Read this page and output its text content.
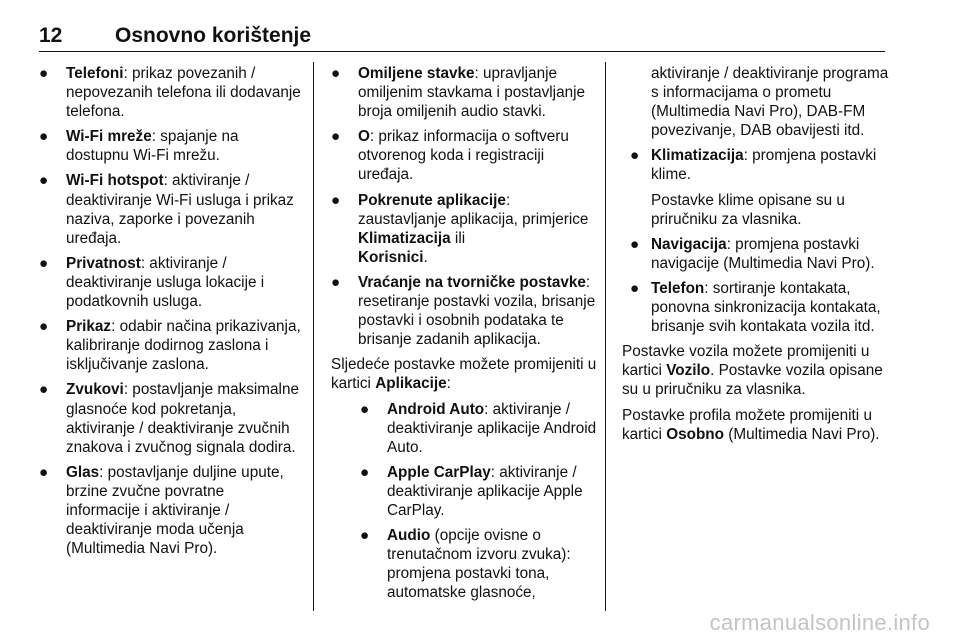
12	Osnovno korištenje
● Telefoni: prikaz povezanih / nepovezanih telefona ili dodavanje telefona.
● Wi-Fi mreže: spajanje na dostupnu Wi-Fi mrežu.
● Wi-Fi hotspot: aktiviranje / deaktiviranje Wi-Fi usluga i prikaz naziva, zaporke i povezanih uređaja.
● Privatnost: aktiviranje / deaktiviranje usluga lokacije i podatkovnih usluga.
● Prikaz: odabir načina prikazivanja, kalibriranje dodirnog zaslona i isključivanje zaslona.
● Zvukovi: postavljanje maksimalne glasnoće kod pokretanja, aktiviranje / deaktiviranje zvučnih znakova i zvučnog signala dodira.
● Glas: postavljanje duljine upute, brzine zvučne povratne informacije i aktiviranje / deaktiviranje moda učenja (Multimedia Navi Pro).
● Omiljene stavke: upravljanje omiljenim stavkama i postavljanje broja omiljenih audio stavki.
● O: prikaz informacija o softveru otvorenog koda i registraciji uređaja.
● Pokrenute aplikacije: zaustavljanje aplikacija, primjerice Klimatizacija ili
Korisnici.
● Vraćanje na tvorničke postavke: resetiranje postavki vozila, brisanje postavki i osobnih podataka te brisanje zadanih aplikacija.
Sljedeće postavke možete promijeniti u kartici Aplikacije:
● Android Auto: aktiviranje / deaktiviranje aplikacije Android Auto.
● Apple CarPlay: aktiviranje / deaktiviranje aplikacije Apple CarPlay.
● Audio (opcije ovisne o trenutačnom izvoru zvuka): promjena postavki tona, automatske glasnoće,
aktiviranje / deaktiviranje programa s informacijama o prometu (Multimedia Navi Pro), DAB-FM povezivanje, DAB obavijesti itd.
● Klimatizacija: promjena postavki klime.
Postavke klime opisane su u priručniku za vlasnika.
● Navigacija: promjena postavki navigacije (Multimedia Navi Pro).
● Telefon: sortiranje kontakata, ponovna sinkronizacija kontakata, brisanje svih kontakata vozila itd.
Postavke vozila možete promijeniti u kartici Vozilo. Postavke vozila opisane su u priručniku za vlasnika.
Postavke profila možete promijeniti u kartici Osobno (Multimedia Navi Pro).
carmanualsonline.info
